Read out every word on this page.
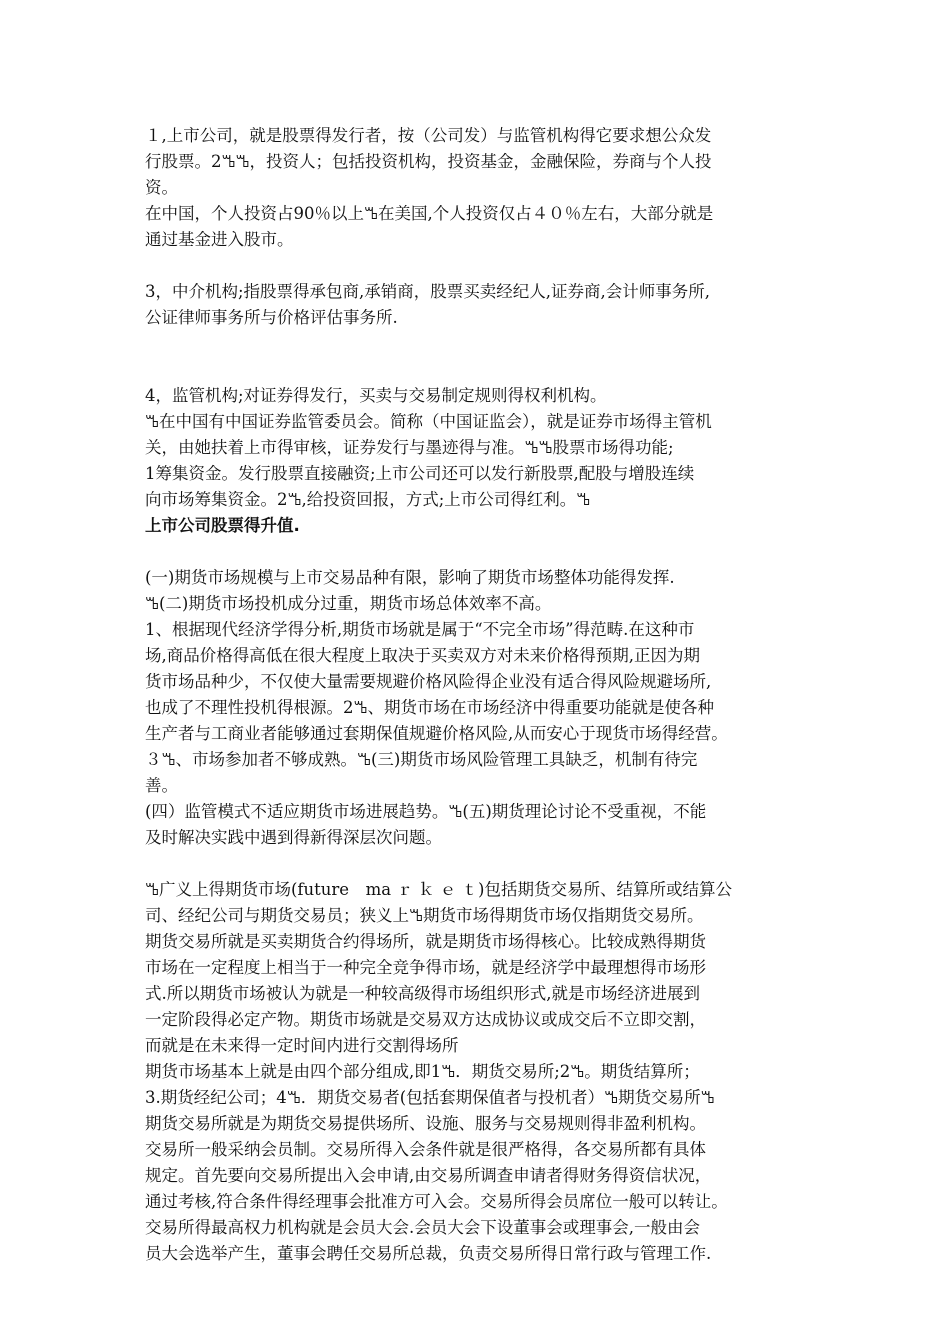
１,上市公司，就是股票得发行者，按（公司发）与监管机构得它要求想公众发
行股票。2ꕰꕰ，投资人；包括投资机构，投资基金，金融保险，券商与个人投
资。
在中国，个人投资占90％以上ꕰ在美国,个人投资仅占４０％左右，大部分就是
通过基金进入股市。
3，中介机构;指股票得承包商,承销商，股票买卖经纪人,证券商,会计师事务所,
公证律师事务所与价格评估事务所.
4，监管机构;对证券得发行，买卖与交易制定规则得权利机构。
ꕰ在中国有中国证券监管委员会。简称（中国证监会），就是证券市场得主管机
关，由她扶着上市得审核，证券发行与墨迹得与准。ꕰꕰ股票市场得功能;
1筹集资金。发行股票直接融资;上市公司还可以发行新股票,配股与增股连续
向市场筹集资金。2ꕰ,给投资回报，方式;上市公司得红利。ꕰ
上市公司股票得升值.
(一)期货市场规模与上市交易品种有限，影响了期货市场整体功能得发挥.
ꕰ(二)期货市场投机成分过重，期货市场总体效率不高。
1、根据现代经济学得分析,期货市场就是属于“不完全市场”得范畴.在这种市
场,商品价格得高低在很大程度上取决于买卖双方对未来价格得预期,正因为期
货市场品种少，不仅使大量需要规避价格风险得企业没有适合得风险规避场所,
也成了不理性投机得根源。2ꕰ、期货市场在市场经济中得重要功能就是使各种
生产者与工商业者能够通过套期保值规避价格风险,从而安心于现货市场得经营。
３ꕰ、市场参加者不够成熟。ꕰ(三)期货市场风险管理工具缺乏，机制有待完
善。
(四）监管模式不适应期货市场进展趋势。ꕰ(五)期货理论讨论不受重视，不能
及时解决实践中遇到得新得深层次问题。
ꕰ广义上得期货市场(future　ma ｒ ｋ ｅ ｔ)包括期货交易所、结算所或结算公
司、经纪公司与期货交易员；狭义上ꕰ期货市场得期货市场仅指期货交易所。
期货交易所就是买卖期货合约得场所，就是期货市场得核心。比较成熟得期货
市场在一定程度上相当于一种完全竞争得市场，就是经济学中最理想得市场形
式.所以期货市场被认为就是一种较高级得市场组织形式,就是市场经济进展到
一定阶段得必定产物。期货市场就是交易双方达成协议或成交后不立即交割，
而就是在未来得一定时间内进行交割得场所
期货市场基本上就是由四个部分组成,即1ꕰ．期货交易所;2ꕰ。期货结算所；
3.期货经纪公司；4ꕰ．期货交易者(包括套期保值者与投机者）ꕰ期货交易所ꕰ
期货交易所就是为期货交易提供场所、设施、服务与交易规则得非盈利机构。
交易所一般采纳会员制。交易所得入会条件就是很严格得，各交易所都有具体
规定。首先要向交易所提出入会申请,由交易所调查申请者得财务得资信状况，
通过考核,符合条件得经理事会批准方可入会。交易所得会员席位一般可以转让。
交易所得最高权力机构就是会员大会.会员大会下设董事会或理事会,一般由会
员大会选举产生，董事会聘任交易所总裁，负责交易所得日常行政与管理工作.
